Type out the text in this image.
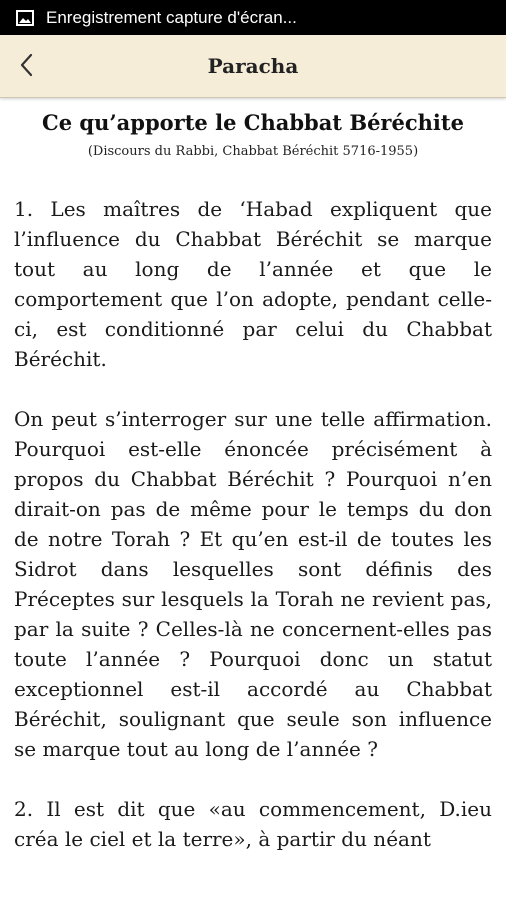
Enregistrement capture d'écran...
Paracha
Ce qu’apporte le Chabbat Béréchite
(Discours du Rabbi, Chabbat Béréchit 5716-1955)

1. Les maîtres de ‘Habad expliquent que l’influence du Chabbat Béréchit se marque tout au long de l’année et que le comportement que l’on adopte, pendant celle-ci, est conditionné par celui du Chabbat Béréchit.

On peut s’interroger sur une telle affirmation. Pourquoi est-elle énoncée précisément à propos du Chabbat Béréchit ? Pourquoi n’en dirait-on pas de même pour le temps du don de notre Torah ? Et qu’en est-il de toutes les Sidrot dans lesquelles sont définis des Préceptes sur lesquels la Torah ne revient pas, par la suite ? Celles-là ne concernent-elles pas toute l’année ? Pourquoi donc un statut exceptionnel est-il accordé au Chabbat Béréchit, soulignant que seule son influence se marque tout au long de l’année ?

2. Il est dit que «au commencement, D.ieu créa le ciel et la terre», à partir du néant
